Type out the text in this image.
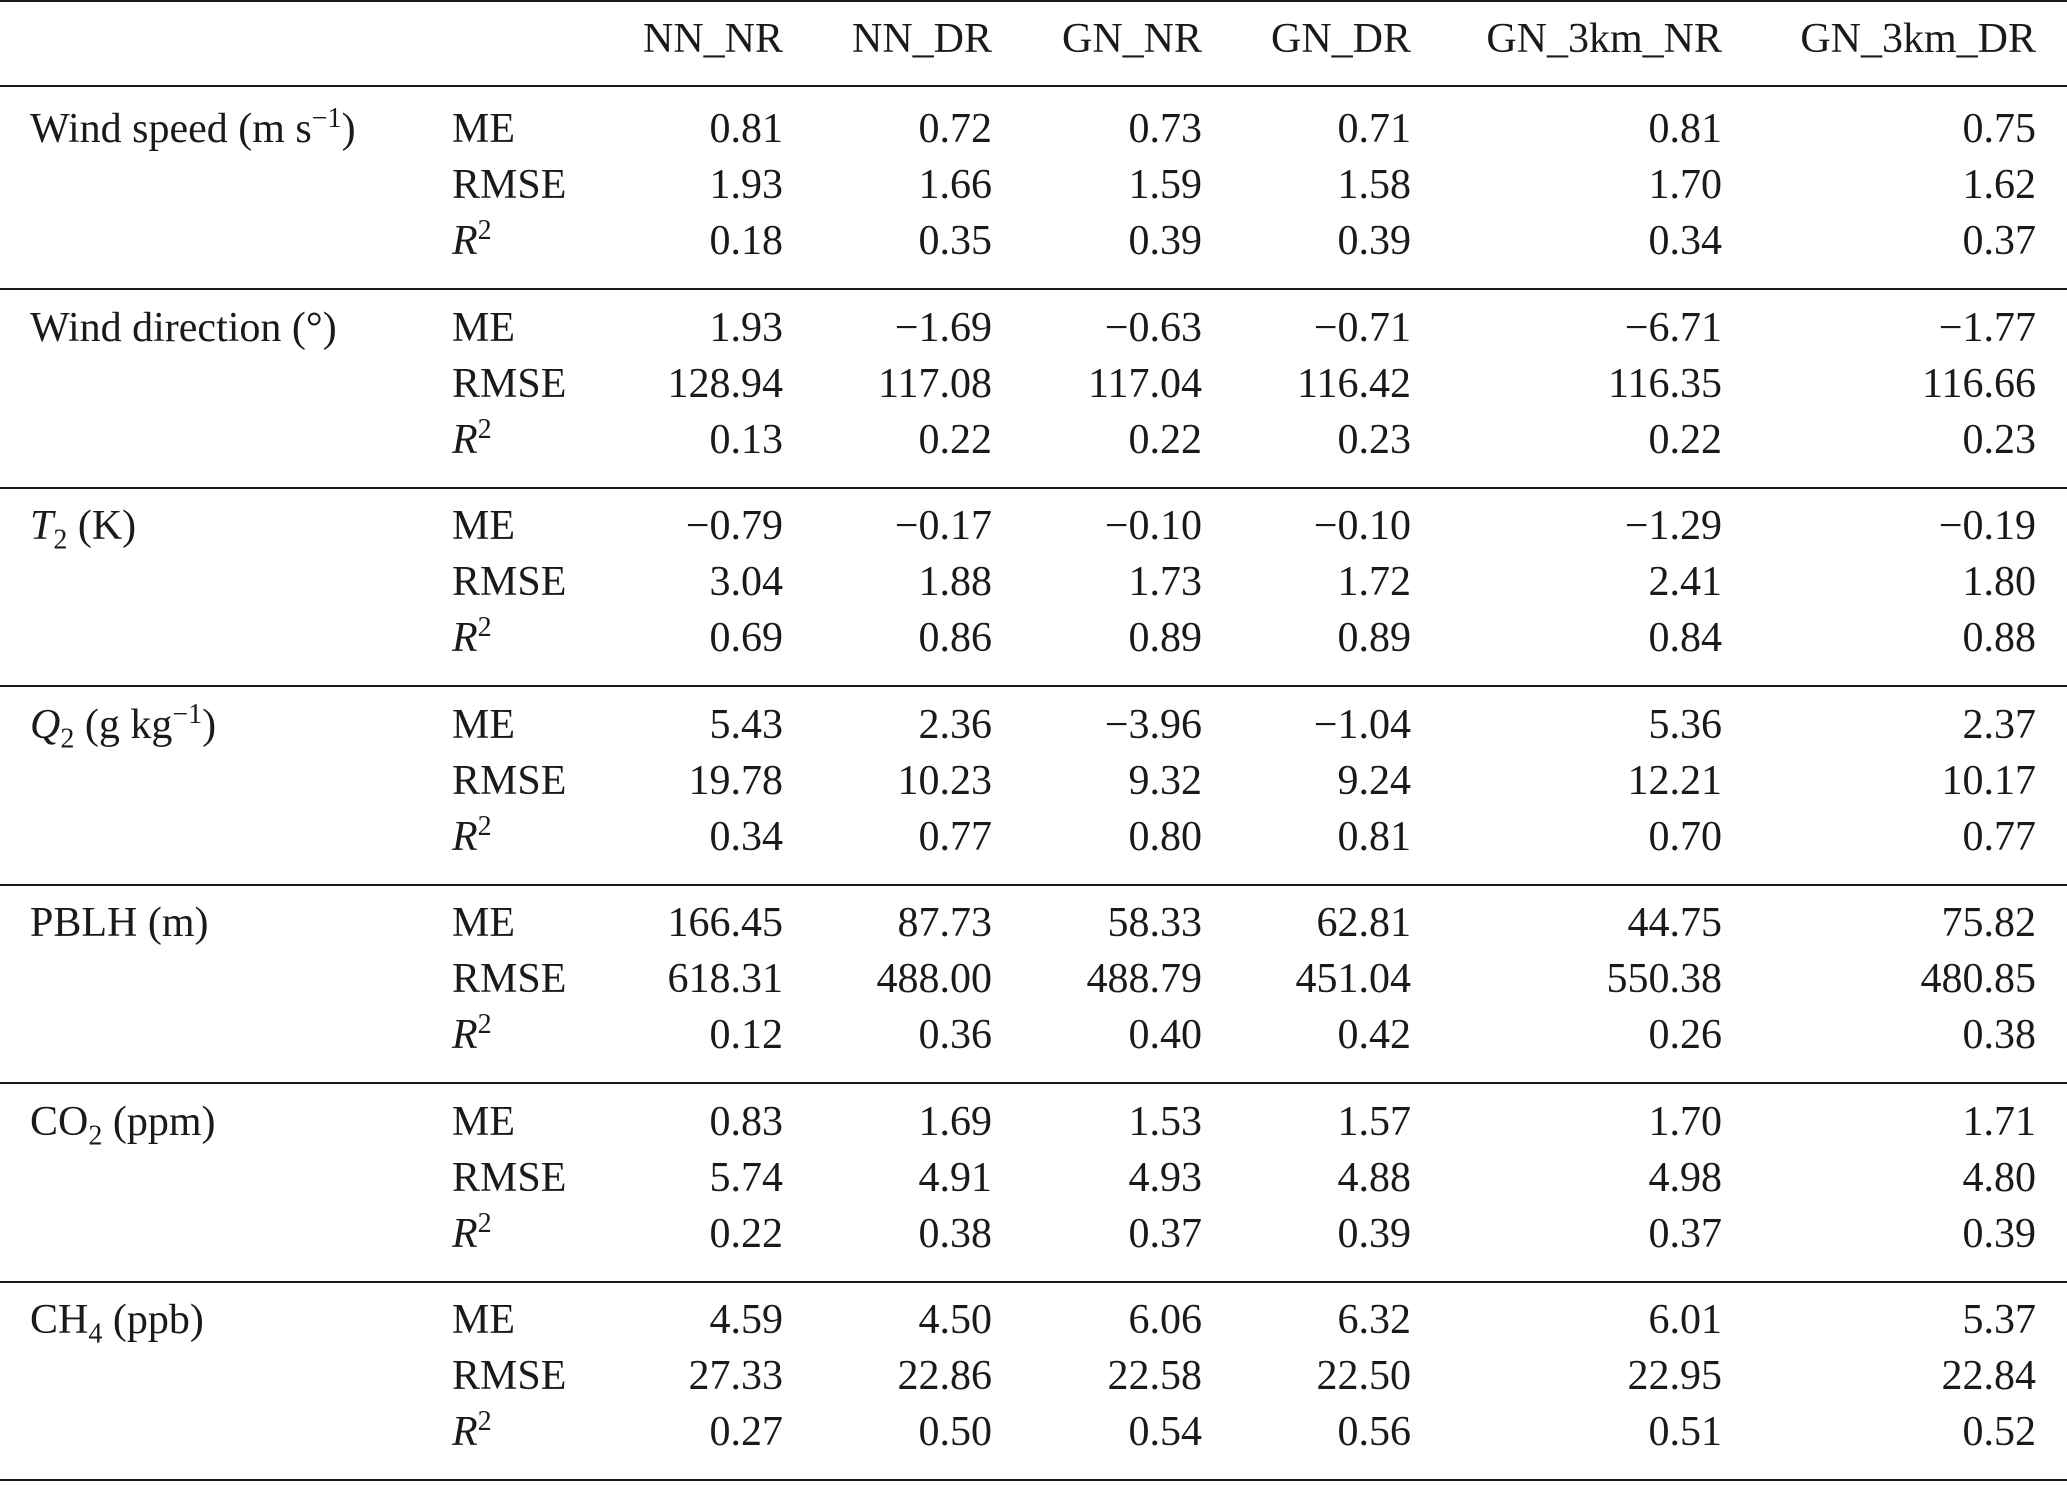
NN_NR NN_DR GN_NR GN_DR GN_3km_NR GN_3km_DR
Wind speed (m $s^{-1}$) ME	0.81	0.72	0.73	0.71	0.81	0.75
RMSE	1.93	1.66	1.59	1.58	1.70	1.62
$R^2$	0.18	0.35	0.39	0.39	0.34	0.37
Wind direction (°)	ME	1.93	−1.69	−0.63	−0.71	−6.71	−1.77
RMSE 128.94 117.08 117.04 116.42	116.35	116.66
$R^2$	0.13	0.22	0.22	0.23	0.22	0.23
$T_2$ (K)	ME	−0.79	−0.17	−0.10	−0.10	−1.29	−0.19
RMSE	3.04	1.88	1.73	1.72	2.41	1.80
$R^2$	0.69	0.86	0.89	0.89	0.84	0.88
$Q_2$ (g $kg^{-1}$)	ME	5.43	2.36	−3.96	−1.04	5.36	2.37
RMSE	19.78	10.23	9.32	9.24	12.21	10.17
$R^2$	0.34	0.77	0.80	0.81	0.70	0.77
PBLH (m)	ME	166.45	87.73	58.33	62.81	44.75	75.82
RMSE 618.31 488.00 488.79 451.04	550.38	480.85
$R^2$	0.12	0.36	0.40	0.42	0.26	0.38
$CO_2$ (ppm)	ME	0.83	1.69	1.53	1.57	1.70	1.71
RMSE	5.74	4.91	4.93	4.88	4.98	4.80
$R^2$	0.22	0.38	0.37	0.39	0.37	0.39
$CH_4$ (ppb)	ME	4.59	4.50	6.06	6.32	6.01	5.37
RMSE	27.33	22.86	22.58	22.50	22.95	22.84
$R^2$	0.27	0.50	0.54	0.56	0.51	0.52
